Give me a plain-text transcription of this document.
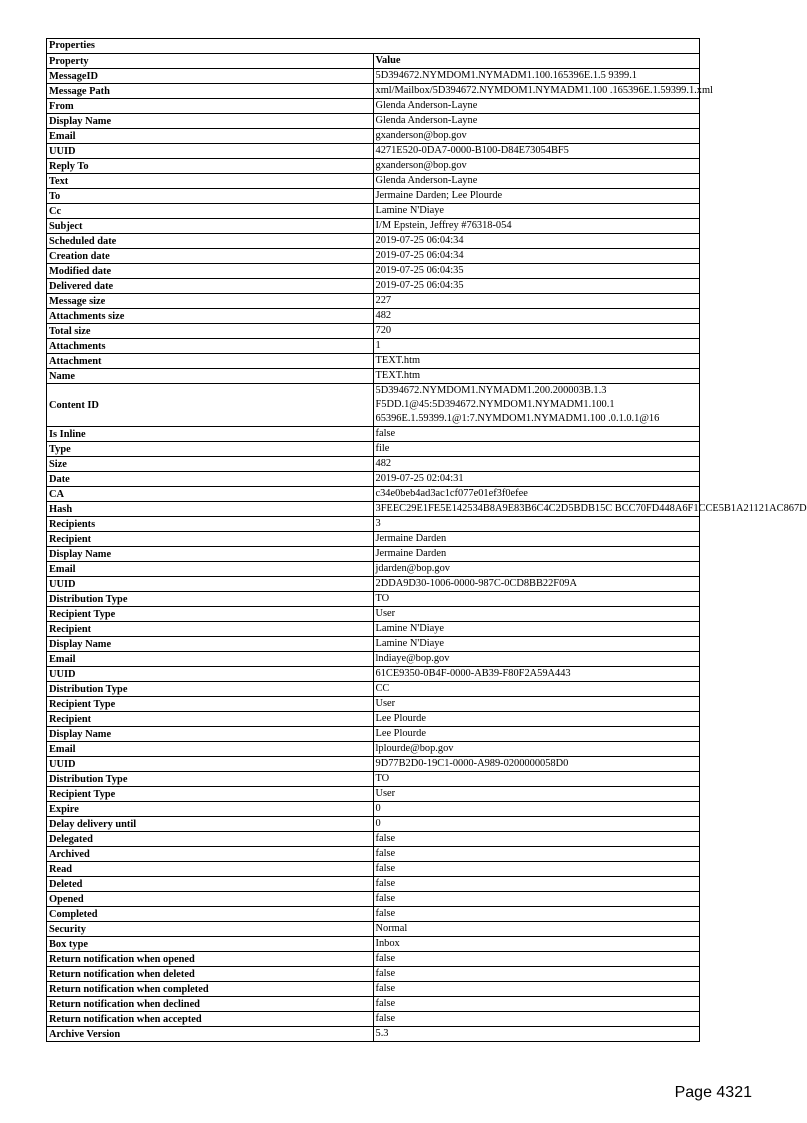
Properties	
Property	Value
MessageID	5D394672.NYMDOM1.NYMADM1.100.165396E.1.5 9399.1
Message Path	xml/Mailbox/5D394672.NYMDOM1.NYMADM1.100 .165396E.1.59399.1.xml
From	Glenda Anderson-Layne
Display Name	Glenda Anderson-Layne
Email	gxanderson@bop.gov
UUID	4271E520-0DA7-0000-B100-D84E73054BF5
Reply To	gxanderson@bop.gov
Text	Glenda Anderson-Layne
To	Jermaine Darden; Lee Plourde
Cc	Lamine N'Diaye
Subject	I/M Epstein, Jeffrey #76318-054
Scheduled date	2019-07-25 06:04:34
Creation date	2019-07-25 06:04:34
Modified date	2019-07-25 06:04:35
Delivered date	2019-07-25 06:04:35
Message size	227
Attachments size	482
Total size	720
Attachments	1
Attachment	TEXT.htm
Name	TEXT.htm
Content ID	5D394672.NYMDOM1.NYMADM1.200.200003B.1.3
F5DD.1@45:5D394672.NYMDOM1.NYMADM1.100.1
65396E.1.59399.1@1:7.NYMDOM1.NYMADM1.100 .0.1.0.1@16
Is Inline	false
Type	file
Size	482
Date	2019-07-25 02:04:31
CA	c34e0beb4ad3ac1cf077e01ef3f0efee
Hash	3FEEC29E1FE5E142534B8A9E83B6C4C2D5BDB15C BCC70FD448A6F1CCE5B1A21121AC867D
Recipients	3
Recipient	Jermaine Darden
Display Name	Jermaine Darden
Email	jdarden@bop.gov
UUID	2DDA9D30-1006-0000-987C-0CD8BB22F09A
Distribution Type	TO
Recipient Type	User
Recipient	Lamine N'Diaye
Display Name	Lamine N'Diaye
Email	lndiaye@bop.gov
UUID	61CE9350-0B4F-0000-AB39-F80F2A59A443
Distribution Type	CC
Recipient Type	User
Recipient	Lee Plourde
Display Name	Lee Plourde
Email	lplourde@bop.gov
UUID	9D77B2D0-19C1-0000-A989-0200000058D0
Distribution Type	TO
Recipient Type	User
Expire	0
Delay delivery until	0
Delegated	false
Archived	false
Read	false
Deleted	false
Opened	false
Completed	false
Security	Normal
Box type	Inbox
Return notification when opened	false
Return notification when deleted	false
Return notification when completed	false
Return notification when declined	false
Return notification when accepted	false
Archive Version	5.3
Page 4321
